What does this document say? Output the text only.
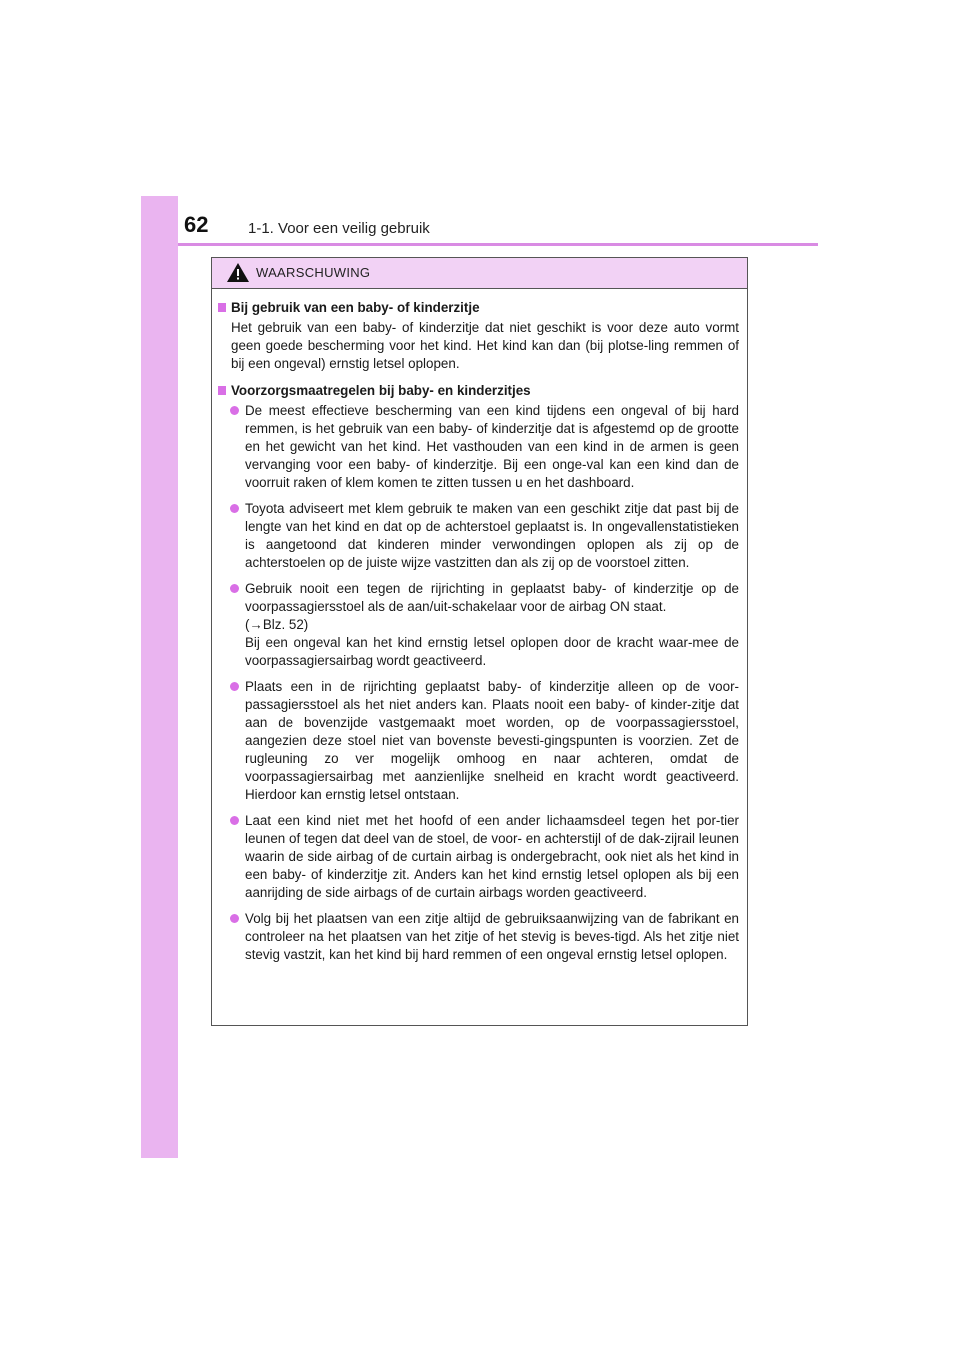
62	1-1. Voor een veilig gebruik
WAARSCHUWING
Bij gebruik van een baby- of kinderzitje
Het gebruik van een baby- of kinderzitje dat niet geschikt is voor deze auto vormt geen goede bescherming voor het kind. Het kind kan dan (bij plotse-ling remmen of bij een ongeval) ernstig letsel oplopen.
Voorzorgsmaatregelen bij baby- en kinderzitjes
De meest effectieve bescherming van een kind tijdens een ongeval of bij hard remmen, is het gebruik van een baby- of kinderzitje dat is afgestemd op de grootte en het gewicht van het kind. Het vasthouden van een kind in de armen is geen vervanging voor een baby- of kinderzitje. Bij een onge-val kan een kind dan de voorruit raken of klem komen te zitten tussen u en het dashboard.
Toyota adviseert met klem gebruik te maken van een geschikt zitje dat past bij de lengte van het kind en dat op de achterstoel geplaatst is. In ongevallenstatistieken is aangetoond dat kinderen minder verwondingen oplopen als zij op de achterstoelen op de juiste wijze vastzitten dan als zij op de voorstoel zitten.
Gebruik nooit een tegen de rijrichting in geplaatst baby- of kinderzitje op de voorpassagiersstoel als de aan/uit-schakelaar voor de airbag ON staat.
(→Blz. 52)
Bij een ongeval kan het kind ernstig letsel oplopen door de kracht waar-mee de voorpassagiersairbag wordt geactiveerd.
Plaats een in de rijrichting geplaatst baby- of kinderzitje alleen op de voor-passagiersstoel als het niet anders kan. Plaats nooit een baby- of kinder-zitje dat aan de bovenzijde vastgemaakt moet worden, op de voorpassagiersstoel, aangezien deze stoel niet van bovenste bevesti-gingspunten is voorzien. Zet de rugleuning zo ver mogelijk omhoog en naar achteren, omdat de voorpassagiersairbag met aanzienlijke snelheid en kracht wordt geactiveerd. Hierdoor kan ernstig letsel ontstaan.
Laat een kind niet met het hoofd of een ander lichaamsdeel tegen het por-tier leunen of tegen dat deel van de stoel, de voor- en achterstijl of de dak-zijrail leunen waarin de side airbag of de curtain airbag is ondergebracht, ook niet als het kind in een baby- of kinderzitje zit. Anders kan het kind ernstig letsel oplopen als bij een aanrijding de side airbags of de curtain airbags worden geactiveerd.
Volg bij het plaatsen van een zitje altijd de gebruiksaanwijzing van de fabrikant en controleer na het plaatsen van het zitje of het stevig is beves-tigd. Als het zitje niet stevig vastzit, kan het kind bij hard remmen of een ongeval ernstig letsel oplopen.
